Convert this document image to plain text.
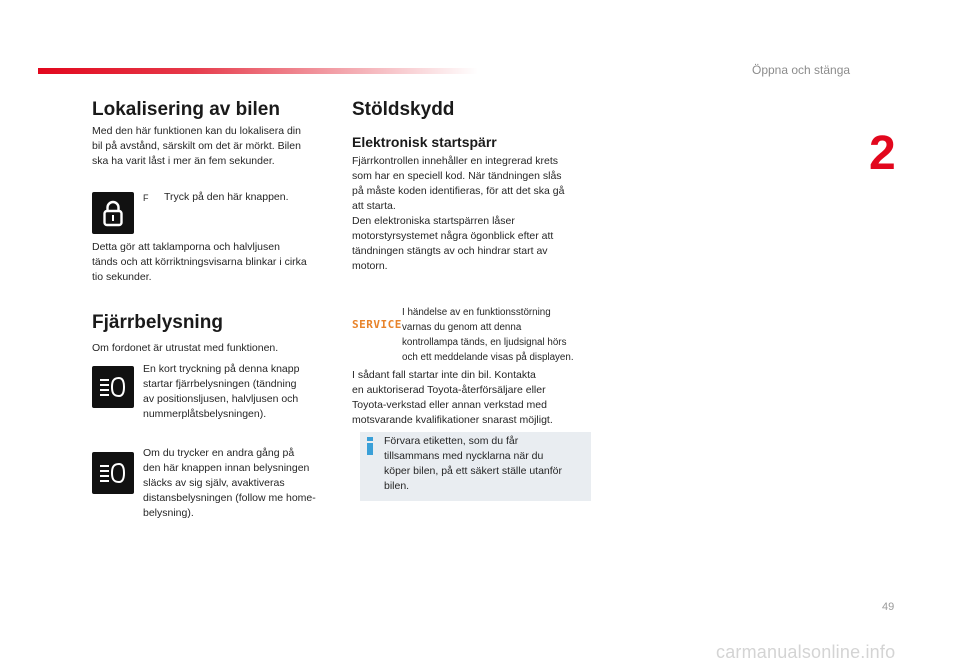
Öppna och stänga
2
Lokalisering av bilen
Med den här funktionen kan du lokalisera din
bil på avstånd, särskilt om det är mörkt. Bilen
ska ha varit låst i mer än fem sekunder.
F Tryck på den här knappen.
Detta gör att taklamporna och halvljusen
tänds och att körriktningsvisarna blinkar i cirka
tio sekunder.
Fjärrbelysning
Om fordonet är utrustat med funktionen.
En kort tryckning på denna knapp
startar fjärrbelysningen (tändning
av positionsljusen, halvljusen och
nummerplåtsbelysningen).
Om du trycker en andra gång på
den här knappen innan belysningen
släcks av sig själv, avaktiveras
distansbelysningen (follow me home-
belysning).
Stöldskydd
Elektronisk startspärr
Fjärrkontrollen innehåller en integrerad krets
som har en speciell kod. När tändningen slås
på måste koden identifieras, för att det ska gå
att starta.
Den elektroniska startspärren låser
motorstyrsystemet några ögonblick efter att
tändningen stängts av och hindrar start av
motorn.
SERVICE
I händelse av en funktionsstörning
varnas du genom att denna
kontrollampa tänds, en ljudsignal hörs
och ett meddelande visas på displayen.
I sådant fall startar inte din bil. Kontakta
en auktoriserad Toyota-återförsäljare eller
Toyota-verkstad eller annan verkstad med
motsvarande kvalifikationer snarast möjligt.
Förvara etiketten, som du får
tillsammans med nycklarna när du
köper bilen, på ett säkert ställe utanför
bilen.
49
carmanualsonline.info
